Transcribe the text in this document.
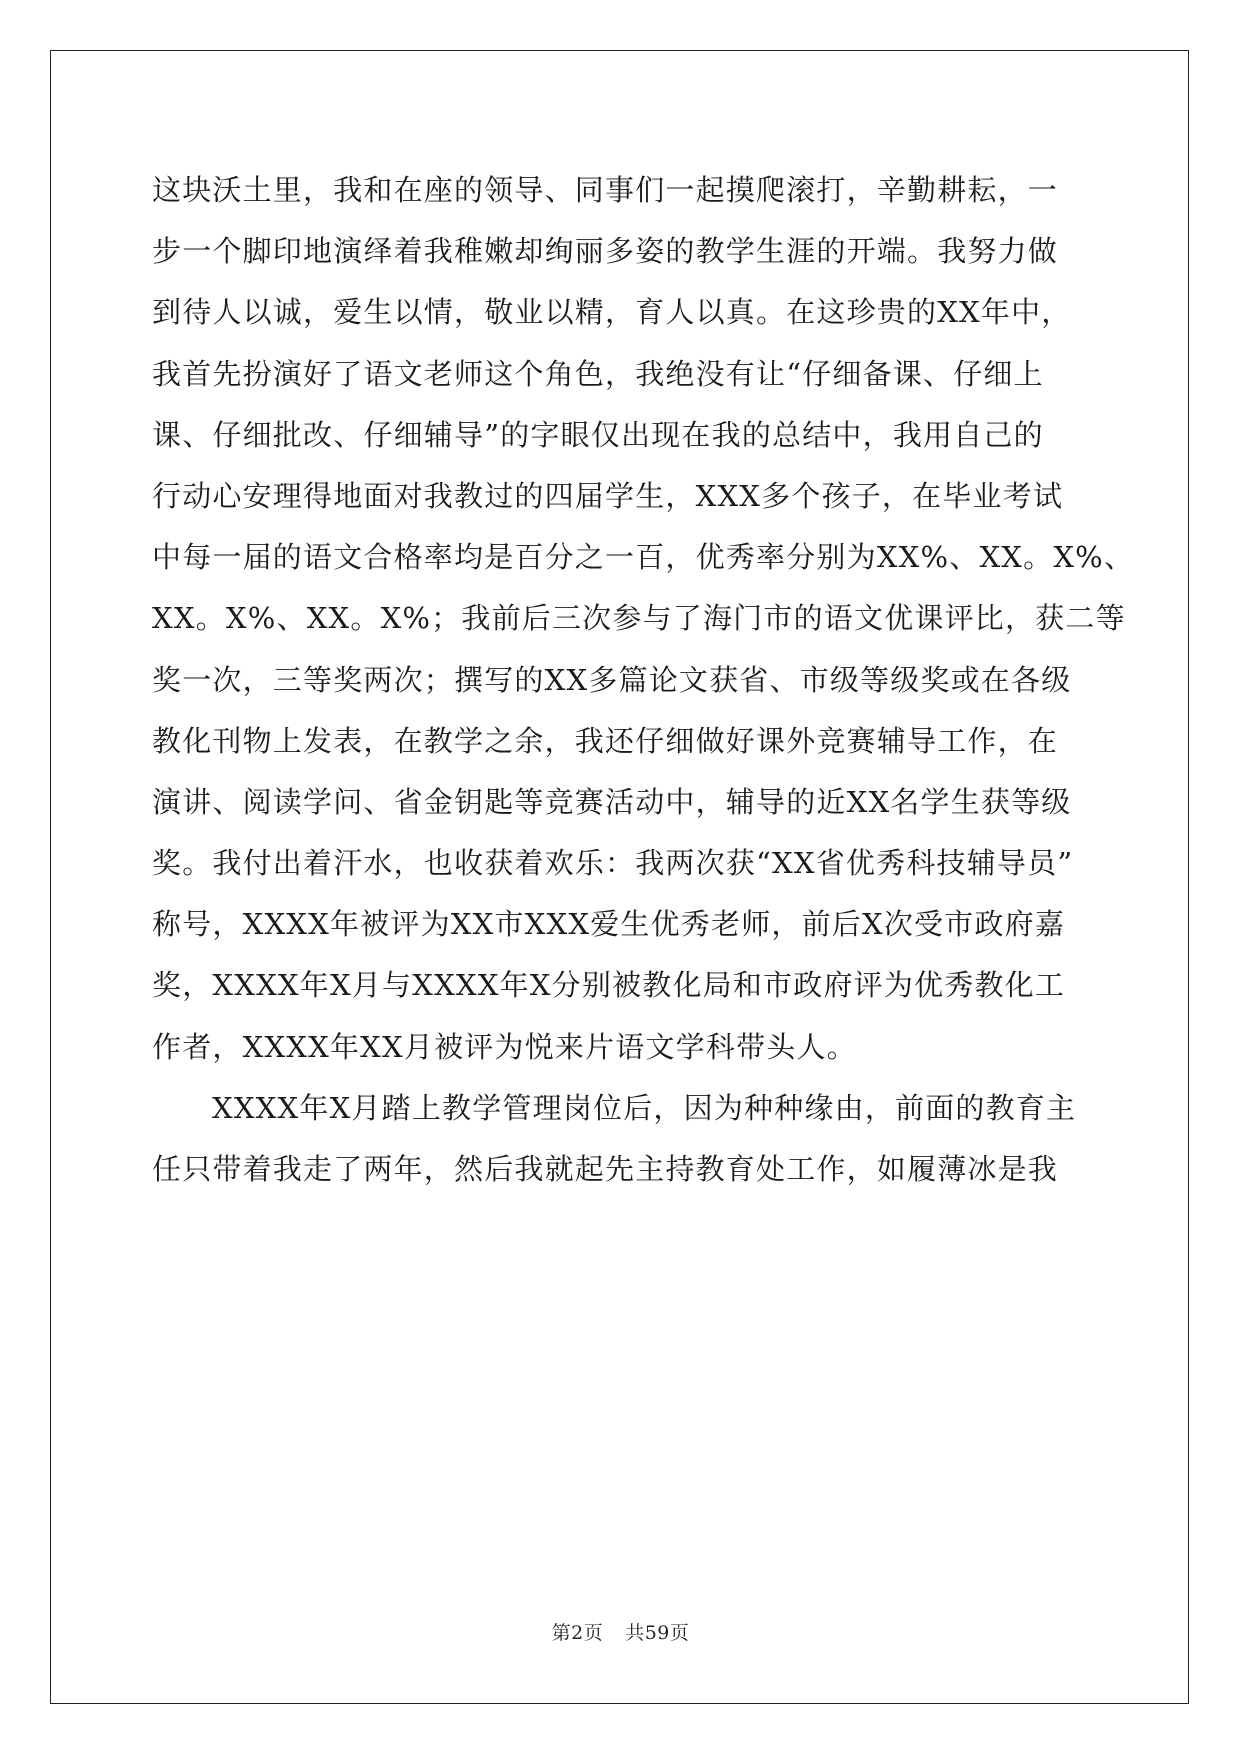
这块沃土里，我和在座的领导、同事们一起摸爬滚打，辛勤耕耘，一
步一个脚印地演绎着我稚嫩却绚丽多姿的教学生涯的开端。我努力做
到待人以诚，爱生以情，敬业以精，育人以真。在这珍贵的XX年中，
我首先扮演好了语文老师这个角色，我绝没有让“仔细备课、仔细上
课、仔细批改、仔细辅导”的字眼仅出现在我的总结中，我用自己的
行动心安理得地面对我教过的四届学生，XXX多个孩子，在毕业考试
中每一届的语文合格率均是百分之一百，优秀率分别为XX%、XX。X%、
XX。X%、XX。X%；我前后三次参与了海门市的语文优课评比，获二等
奖一次，三等奖两次；撰写的XX多篇论文获省、市级等级奖或在各级
教化刊物上发表，在教学之余，我还仔细做好课外竞赛辅导工作，在
演讲、阅读学问、省金钥匙等竞赛活动中，辅导的近XX名学生获等级
奖。我付出着汗水，也收获着欢乐：我两次获“XX省优秀科技辅导员”
称号，XXXX年被评为XX市XXX爱生优秀老师，前后X次受市政府嘉
奖，XXXX年X月与XXXX年X分别被教化局和市政府评为优秀教化工
作者，XXXX年XX月被评为悦来片语文学科带头人。
XXXX年X月踏上教学管理岗位后，因为种种缘由，前面的教育主
任只带着我走了两年，然后我就起先主持教育处工作，如履薄冰是我
第2页 共59页
